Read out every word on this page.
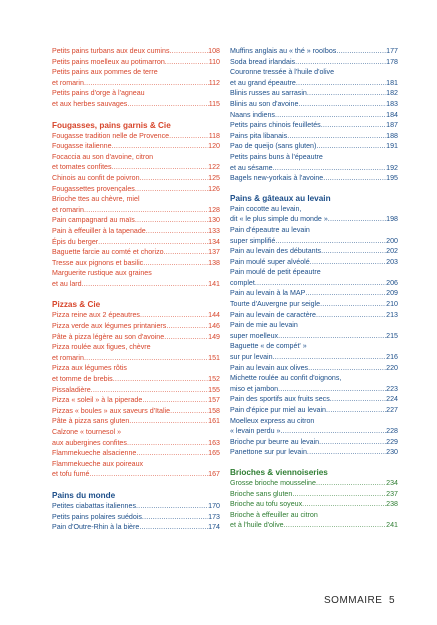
Petits pains turbans aux deux cumins .....	108
Petits pains moelleux au potimarron .....	110
Petits pains aux pommes de terre
et romarin .....	112
Petits pains d'orge à l'agneau
et aux herbes sauvages .....	115
Fougasses, pains garnis & Cie
Fougasse tradition nelle de Provence .....	118
Fougasse italienne .....	120
Focaccia au son d'avoine, citron
et tomates confites .....	122
Chinois au confit de poivron .....	125
Fougassettes provençales .....	126
Brioche ttes au chèvre, miel
et romarin .....	128
Pain campagnard au maïs .....	130
Pain à effeuiller à la tapenade .....	133
Épis du berger .....	134
Baguette farcie au comté et chorizo .....	137
Tresse aux pignons et basilic .....	138
Marguerite rustique aux graines
et au lard .....	141
Pizzas & Cie
Pizza reine aux 2 épeautres .....	144
Pizza verde aux légumes printaniers .....	146
Pâte à pizza légère au son d'avoine .....	149
Pizza roulée aux figues, chèvre
et romarin .....	151
Pizza aux légumes rôtis
et tomme de brebis .....	152
Pissaladière .....	155
Pizza « soleil » à la piperade .....	157
Pizzas « boules » aux saveurs d'Italie .....	158
Pâte à pizza sans gluten .....	161
Calzone « tournesol »
aux aubergines confites .....	163
Flammekueche alsacienne .....	165
Flammekueche aux poireaux
et tofu fumé .....	167
Pains du monde
Petites ciabattas italiennes .....	170
Petits pains polaires suédois .....	173
Pain d'Outre-Rhin à la bière .....	174
Muffins anglais au « thé » rooïbos .....	177
Soda bread irlandais .....	178
Couronne tressée à l'huile d'olive
et au grand épeautre .....	181
Blinis russes au sarrasin .....	182
Blinis au son d'avoine .....	183
Naans indiens .....	184
Petits pains chinois feuilletés .....	187
Pains pita libanais .....	188
Pao de queijo (sans gluten) .....	191
Petits pains buns à l'épeautre
et au sésame .....	192
Bagels new-yorkais à l'avoine .....	195
Pains & gâteaux au levain
Pain cocotte au levain,
dit « le plus simple du monde » .....	198
Pain d'épeautre au levain
super simplifié .....	200
Pain au levain des débutants .....	202
Pain moulé super alvéolé .....	203
Pain moulé de petit épeautre
complet .....	206
Pain au levain à la MAP .....	209
Tourte d'Auvergne pur seigle .....	210
Pain au levain de caractère .....	213
Pain de mie au levain
super moelleux .....	215
Baguette « de compét' »
sur pur levain .....	216
Pain au levain aux olives .....	220
Michette roulée au confit d'oignons,
miso et jambon .....	223
Pain des sportifs aux fruits secs .....	224
Pain d'épice pur miel au levain .....	227
Moelleux express au citron
« levain perdu » .....	228
Brioche pur beurre au levain .....	229
Panettone sur pur levain .....	230
Brioches & viennoiseries
Grosse brioche mousseline .....	234
Brioche sans gluten .....	237
Brioche au tofu soyeux .....	238
Brioche à effeuiller au citron
et à l'huile d'olive .....	241
SOMMAIRE 5
